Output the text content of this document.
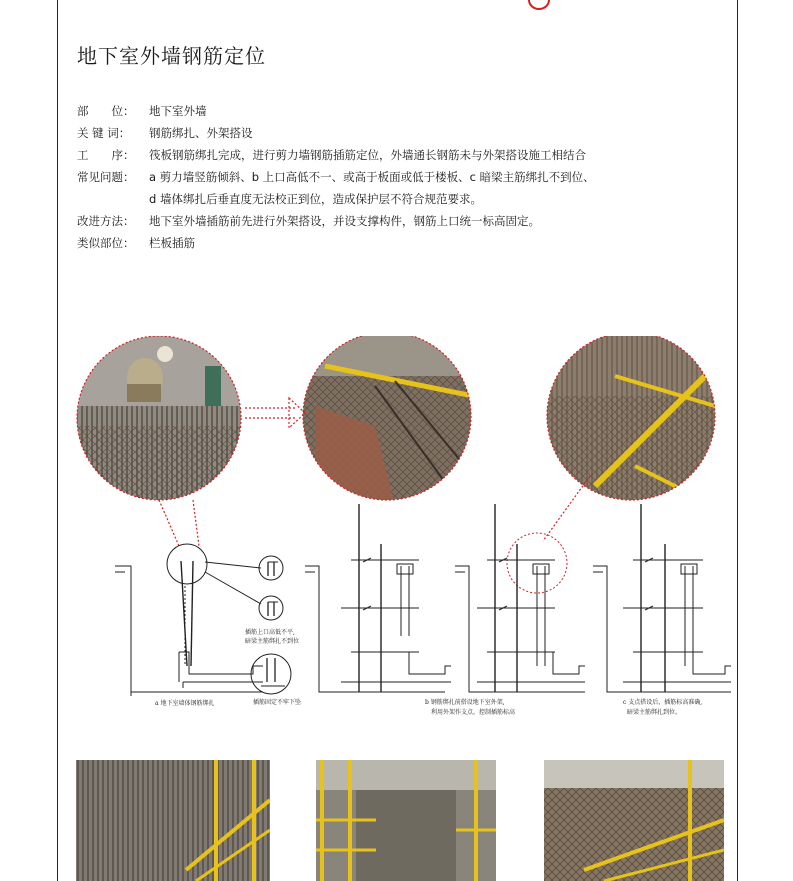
地下室外墙钢筋定位
部　　位：	地下室外墙
关 键 词：	钢筋绑扎、外架搭设
工　　序：	筏板钢筋绑扎完成，进行剪力墙钢筋插筋定位，外墙通长钢筋未与外架搭设施工相结合
常见问题：	a 剪力墙竖筋倾斜、b 上口高低不一、或高于板面或低于楼板、c 暗梁主筋绑扎不到位、
d 墙体绑扎后垂直度无法校正到位，造成保护层不符合规范要求。
改进方法：	地下室外墙插筋前先进行外架搭设，并设支撑构件，钢筋上口统一标高固定。
类似部位：	栏板插筋
插筋上口高低不平,
暗梁主筋绑扎不到位
插筋固定不牢下坠
a 地下室墙体钢筋绑扎	b 钢筋绑扎前搭设地下室外架,
利用外架作支点，控制插筋标高
c 支点搭设后，插筋标高准确,
暗梁主筋绑扎到位。
